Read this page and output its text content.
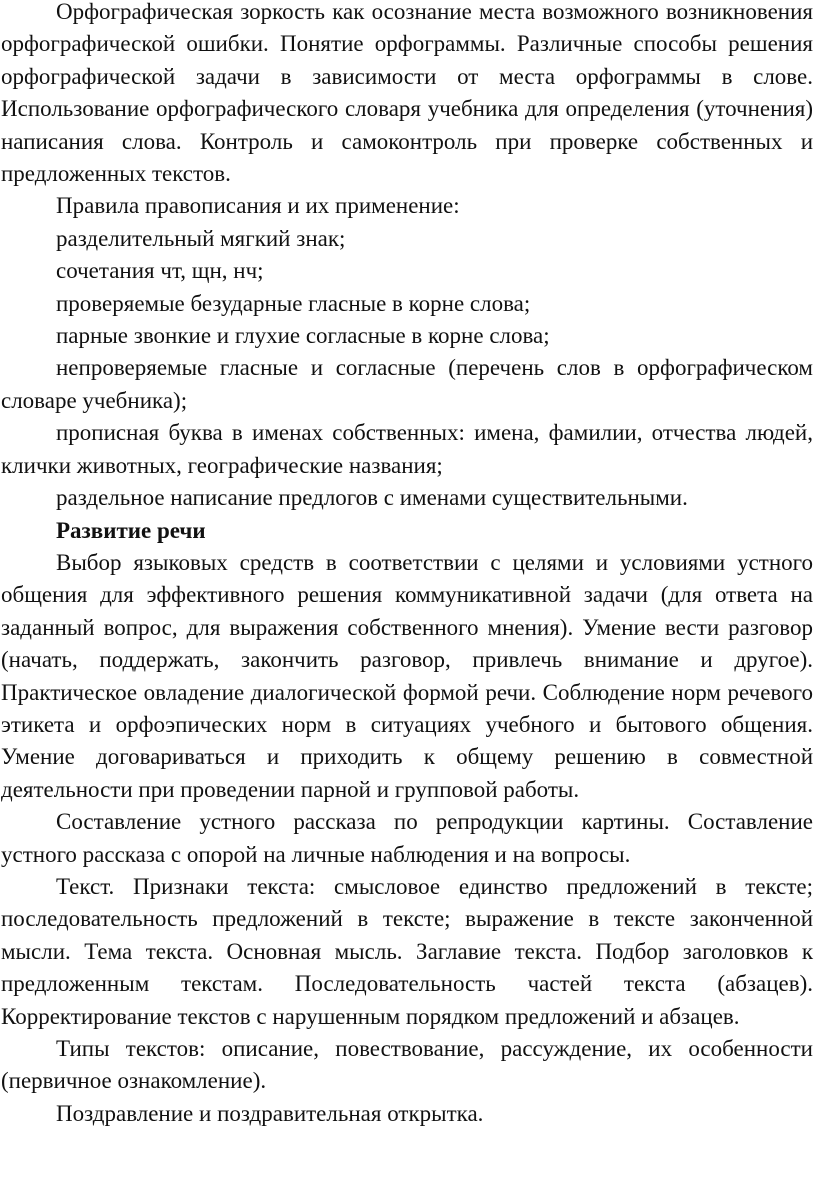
Орфографическая зоркость как осознание места возможного возникновения орфографической ошибки. Понятие орфограммы. Различные способы решения орфографической задачи в зависимости от места орфограммы в слове. Использование орфографического словаря учебника для определения (уточнения) написания слова. Контроль и самоконтроль при проверке собственных и предложенных текстов.

Правила правописания и их применение:

разделительный мягкий знак;

сочетания чт, щн, нч;

проверяемые безударные гласные в корне слова;

парные звонкие и глухие согласные в корне слова;

непроверяемые гласные и согласные (перечень слов в орфографическом словаре учебника);

прописная буква в именах собственных: имена, фамилии, отчества людей, клички животных, географические названия;

раздельное написание предлогов с именами существительными.

Развитие речи

Выбор языковых средств в соответствии с целями и условиями устного общения для эффективного решения коммуникативной задачи (для ответа на заданный вопрос, для выражения собственного мнения). Умение вести разговор (начать, поддержать, закончить разговор, привлечь внимание и другое). Практическое овладение диалогической формой речи. Соблюдение норм речевого этикета и орфоэпических норм в ситуациях учебного и бытового общения. Умение договариваться и приходить к общему решению в совместной деятельности при проведении парной и групповой работы.

Составление устного рассказа по репродукции картины. Составление устного рассказа с опорой на личные наблюдения и на вопросы.

Текст. Признаки текста: смысловое единство предложений в тексте; последовательность предложений в тексте; выражение в тексте законченной мысли. Тема текста. Основная мысль. Заглавие текста. Подбор заголовков к предложенным текстам. Последовательность частей текста (абзацев). Корректирование текстов с нарушенным порядком предложений и абзацев.

Типы текстов: описание, повествование, рассуждение, их особенности (первичное ознакомление).

Поздравление и поздравительная открытка.
